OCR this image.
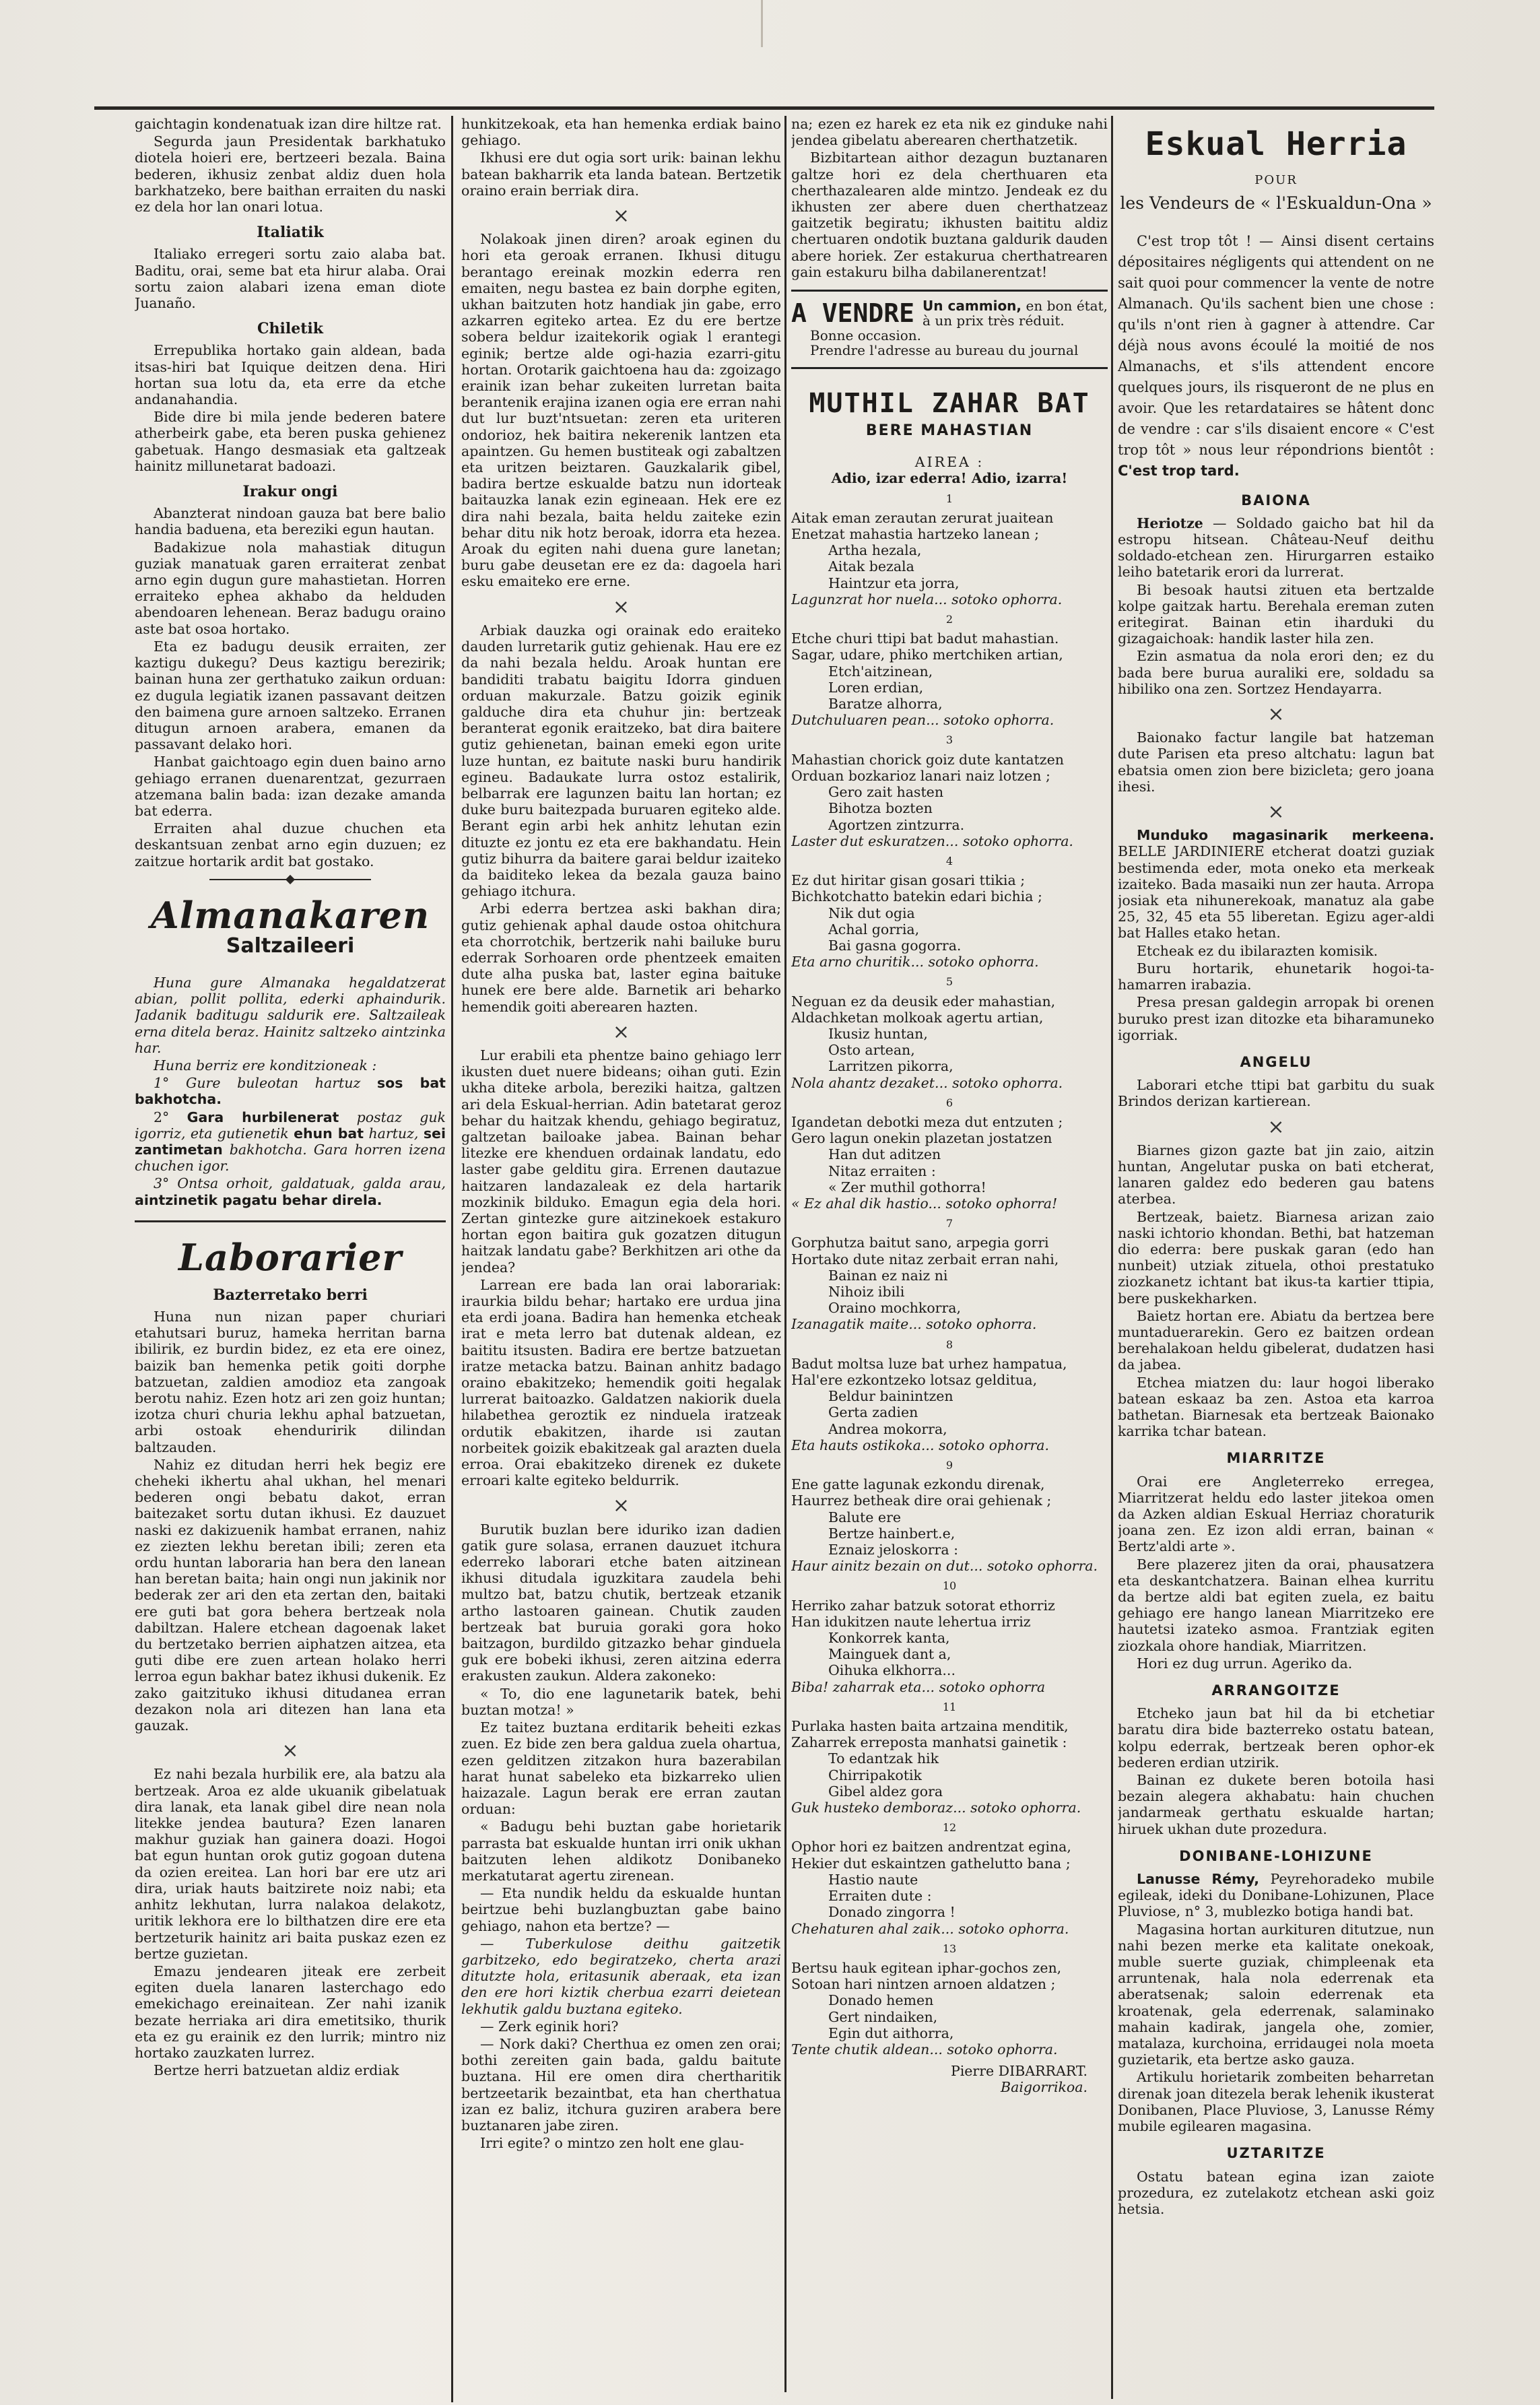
gaichtagin kondenatuak izan dire hiltze rat.

Segurda jaun Presidentak barkhatuko diotela hoieri ere, bertzeeri bezala. Baina bederen, ikhusiz zenbat aldiz duen hola barkhatzeko, bere baithan erraiten du naski ez dela hor lan onari lotua.

Italiatik

Italiako erregeri sortu zaio alaba bat. Baditu, orai, seme bat eta hirur alaba. Orai sortu zaion alabari izena eman diote Juanaño.

Chiletik

Errepublika hortako gain aldean, bada itsas-hiri bat Iquique deitzen dena. Hiri hortan sua lotu da, eta erre da etche andanahandia.

Bide dire bi mila jende bederen batere atherbeirk gabe, eta beren puska gehienez gabetuak. Hango desmasiak eta galtzeak hainitz millunetarat badoazi.

Irakur ongi

Abanzterat nindoan gauza bat bere balio handia baduena, eta bereziki egun hautan.

Badakizue nola mahastiak ditugun guziak manatuak garen erraiterat zenbat arno egin dugun gure mahastietan. Horren erraiteko ephea akhabo da helduden abendoaren lehenean. Beraz badugu oraino aste bat osoa hortako.

Eta ez badugu deusik erraiten, zer kaztigu dukegu? Deus kaztigu berezirik; bainan huna zer gerthatuko zaikun orduan: ez dugula legiatik izanen passavant deitzen den baimena gure arnoen saltzeko. Erranen ditugun arnoen arabera, emanen da passavant delako hori.

Hanbat gaichtoago egin duen baino arno gehiago erranen duenarentzat, gezurraen atzemana balin bada: izan dezake amanda bat ederra.

Erraiten ahal duzue chuchen eta deskantsuan zenbat arno egin duzuen; ez zaitzue hortarik ardit bat gostako.

Almanakaren
Saltzaileeri

Huna gure Almanaka hegaldatzerat abian, pollit pollita, ederki aphaindurik. Jadanik baditugu saldurik ere. Saltzaileak erna ditela beraz. Hainitz saltzeko aintzinka har.

Huna berriz ere konditzioneak :

1° Gure buleotan hartuz sos bat bakhotcha.

2° Gara hurbilenerat postaz guk igorriz, eta gutienetik ehun bat hartuz, sei zantimetan bakhotcha. Gara horren izena chuchen igor.

3° Ontsa orhoit, galdatuak, galda arau, aintzinetik pagatu behar direla.

Laborarier
Bazterretako berri

Huna nun nizan paper churiari etahutsari buruz, hameka herritan barna ibilirik, ez burdin bidez, ez eta ere oinez, baizik ban hemenka petik goiti dorphe batzuetan, zaldien amodioz eta zangoak berotu nahiz. Ezen hotz ari zen goiz huntan; izotza churi churia lekhu aphal batzuetan, arbi ostoak ehenduririk dilindan baltzauden.

Nahiz ez ditudan herri hek begiz ere cheheki ikhertu ahal ukhan, hel menari bederen ongi bebatu dakot, erran baitezaket sortu dutan ikhusi. Ez dauzuet naski ez dakizuenik hambat erranen, nahiz ez ziezten lekhu beretan ibili; zeren eta ordu huntan laboraria han bera den lanean han beretan baita; hain ongi nun jakinik nor bederak zer ari den eta zertan den, baitaki ere guti bat gora behera bertzeak nola dabiltzan. Halere etchean dagoenak laket du bertzetako berrien aiphatzen aitzea, eta guti dibe ere zuen artean holako herri lerroa egun bakhar batez ikhusi dukenik. Ez zako gaitzituko ikhusi ditudanea erran dezakon nola ari ditezen han lana eta gauzak.

×

Ez nahi bezala hurbilik ere, ala batzu ala bertzeak. Aroa ez alde ukuanik gibelatuak dira lanak, eta lanak gibel dire nean nola litekke jendea bautura? Ezen lanaren makhur guziak han gainera doazi. Hogoi bat egun huntan orok gutiz gogoan dutena da ozien ereitea. Lan hori bar ere utz ari dira, uriak hauts baitzirete noiz nabi; eta anhitz lekhutan, lurra nalakoa delakotz, uritik lekhora ere lo bilthatzen dire ere eta bertzeturik hainitz ari baita puskaz ezen ez bertze guzietan.

Emazu jendearen jiteak ere zerbeit egiten duela lanaren lasterchago edo emekichago ereinaitean. Zer nahi izanik bezate herriaka ari dira emetitsiko, thurik eta ez gu erainik ez den lurrik; mintro niz hortako zauzkaten lurrez.

Bertze herri batzuetan aldiz erdiak

hunkitzekoak, eta han hemenka erdiak baino gehiago.

Ikhusi ere dut ogia sort urik: bainan lekhu batean bakharrik eta landa batean. Bertzetik oraino erain berriak dira.

×

Nolakoak jinen diren? aroak eginen du hori eta geroak erranen. Ikhusi ditugu berantago ereinak mozkin ederra ren emaiten, negu bastea ez bain dorphe egiten, ukhan baitzuten hotz handiak jin gabe, erro azkarren egiteko artea. Ez du ere bertze sobera beldur izaitekorik ogiak l erantegi eginik; bertze alde ogi-hazia ezarri-gitu hortan. Orotarik gaichtoena hau da: zgoizago erainik izan behar zukeiten lurretan baita berantenik erajina izanen ogia ere erran nahi dut lur buzt'ntsuetan: zeren eta uriteren ondorioz, hek baitira nekerenik lantzen eta apaintzen. Gu hemen bustiteak ogi zabaltzen eta uritzen beiztaren. Gauzkalarik gibel, badira bertze eskualde batzu nun idorteak baitauzka lanak ezin egineaan. Hek ere ez dira nahi bezala, baita heldu zaiteke ezin behar ditu nik hotz beroak, idorra eta hezea. Aroak du egiten nahi duena gure lanetan; buru gabe deusetan ere ez da: dagoela hari esku emaiteko ere erne.

×

Arbiak dauzka ogi orainak edo eraiteko dauden lurretarik gutiz gehienak. Hau ere ez da nahi bezala heldu. Aroak huntan ere bandiditi trabatu baigitu Idorra ginduen orduan makurzale. Batzu goizik eginik galduche dira eta chuhur jin: bertzeak beranterat egonik eraitzeko, bat dira baitere gutiz gehienetan, bainan emeki egon urite luze huntan, ez baitute naski buru handirik egineu. Badaukate lurra ostoz estalirik, belbarrak ere lagunzen baitu lan hortan; ez duke buru baitezpada buruaren egiteko alde. Berant egin arbi hek anhitz lehutan ezin dituzte ez jontu ez eta ere bakhandatu. Hein gutiz bihurra da baitere garai beldur izaiteko da baiditeko lekea da bezala gauza baino gehiago itchura.

Arbi ederra bertzea aski bakhan dira; gutiz gehienak aphal daude ostoa ohitchura eta chorrotchik, bertzerik nahi bailuke buru ederrak Sorhoaren orde phentzeek emaiten dute alha puska bat, laster egina baituke hunek ere bere alde. Barnetik ari beharko hemendik goiti aberearen hazten.

×

Lur erabili eta phentze baino gehiago lerr ikusten duet nuere bideans; oihan guti. Ezin ukha diteke arbola, bereziki haitza, galtzen ari dela Eskual-herrian. Adin batetarat geroz behar du haitzak khendu, gehiago begiratuz, galtzetan bailoake jabea. Bainan behar litezke ere khenduen ordainak landatu, edo laster gabe gelditu gira. Errenen dautazue haitzaren landazaleak ez dela hartarik mozkinik bilduko. Emagun egia dela hori. Zertan gintezke gure aitzinekoek estakuro hortan egon baitira guk gozatzen ditugun haitzak landatu gabe? Berkhitzen ari othe da jendea?

Larrean ere bada lan orai laborariak: iraurkia bildu behar; hartako ere urdua jina eta erdi joana. Badira han hemenka etcheak irat e meta lerro bat dutenak aldean, ez baititu itsusten. Badira ere bertze batzuetan iratze metacka batzu. Bainan anhitz badago oraino ebakitzeko; hemendik goiti hegalak lurrerat baitoazko. Galdatzen nakiorik duela hilabethea geroztik ez ninduela iratzeak ordutik ebakitzen, iharde ısi zautan norbeitek goizik ebakitzeak gal arazten duela erroa. Orai ebakitzeko direnek ez dukete erroari kalte egiteko beldurrik.

×

Burutik buzlan bere iduriko izan dadien gatik gure solasa, erranen dauzuet itchura ederreko laborari etche baten aitzinean ikhusi ditudala iguzkitara zaudela behi multzo bat, batzu chutik, bertzeak etzanik artho lastoaren gainean. Chutik zauden bertzeak bat buruia goraki gora hoko baitzagon, burdildo gitzazko behar ginduela guk ere bobeki ikhusi, zeren aitzina ederra erakusten zaukun. Aldera zakoneko:

« To, dio ene lagunetarik batek, behi buztan motza! »

Ez taitez buztana erditarik beheiti ezkas zuen. Ez bide zen bera galdua zuela ohartua, ezen gelditzen zitzakon hura bazerabilan harat hunat sabeleko eta bizkarreko ulien haizazale. Lagun berak ere erran zautan orduan:

« Badugu behi buztan gabe horietarik parrasta bat eskualde huntan irri onik ukhan baitzuten lehen aldikotz Donibaneko merkatutarat agertu zirenean.

— Eta nundik heldu da eskualde huntan beirtzue behi buzlangbuztan gabe baino gehiago, nahon eta bertze? —

— Tuberkulose deithu gaitzetik garbitzeko, edo begiratzeko, cherta arazi ditutzte hola, eritasunik aberaak, eta izan den ere hori kiztik cherbua ezarri deietean lekhutik galdu buztana egiteko.

— Zerk eginik hori?

— Nork daki? Cherthua ez omen zen orai; bothi zereiten gain bada, galdu baitute buztana. Hil ere omen dira chertharitik bertzeetarik bezaintbat, eta han cherthatua izan ez baliz, itchura guziren arabera bere buztanaren jabe ziren.

Irri egite? o mintzo zen holt ene glau-

na; ezen ez harek ez eta nik ez ginduke nahi jendea gibelatu aberearen cherthatzetik.

Bizbitartean aithor dezagun buztanaren galtze hori ez dela cherthuaren eta cherthazalearen alde mintzo. Jendeak ez du ikhusten zer abere duen cherthatzeaz gaitzetik begiratu; ikhusten baititu aldiz chertuaren ondotik buztana galdurik dauden abere horiek. Zer estakurua cherthatrearen gain estakuru bilha dabilanerentzat!

A VENDRE Un cammion, en bon état, à un prix très réduit.
Bonne occasion.
Prendre l'adresse au bureau du journal
MUTHIL ZAHAR BAT
BERE MAHASTIAN
AIREA :
Adio, izar ederra! Adio, izarra!
1
Aitak eman zerautan zerurat juaitean
Enetzat mahastia hartzeko lanean ;
Artha hezala,
Aitak bezala
Haintzur eta jorra,
Lagunzrat hor nuela... sotoko ophorra.
2
Etche churi ttipi bat badut mahastian.
Sagar, udare, phiko mertchiken artian,
Etch'aitzinean,
Loren erdian,
Baratze alhorra,
Dutchuluaren pean... sotoko ophorra.
3
Mahastian chorick goiz dute kantatzen
Orduan bozkarioz lanari naiz lotzen ;
Gero zait hasten
Bihotza bozten
Agortzen zintzurra.
Laster dut eskuratzen... sotoko ophorra.
4
Ez dut hiritar gisan gosari ttikia ;
Bichkotchatto batekin edari bichia ;
Nik dut ogia
Achal gorria,
Bai gasna gogorra.
Eta arno churitik... sotoko ophorra.
5
Neguan ez da deusik eder mahastian,
Aldachketan molkoak agertu artian,
Ikusiz huntan,
Osto artean,
Larritzen pikorra,
Nola ahantz dezaket... sotoko ophorra.
6
Igandetan debotki meza dut entzuten ;
Gero lagun onekin plazetan jostatzen
Han dut aditzen
Nitaz erraiten :
« Zer muthil gothorra!
« Ez ahal dik hastio... sotoko ophorra!
7
Gorphutza baitut sano, arpegia gorri
Hortako dute nitaz zerbait erran nahi,
Bainan ez naiz ni
Nihoiz ibili
Oraino mochkorra,
Izanagatik maite... sotoko ophorra.
8
Badut moltsa luze bat urhez hampatua,
Hal'ere ezkontzeko lotsaz gelditua,
Beldur bainintzen
Gerta zadien
Andrea mokorra,
Eta hauts ostikoka... sotoko ophorra.
9
Ene gatte lagunak ezkondu direnak,
Haurrez betheak dire orai gehienak ;
Balute ere
Bertze hainbert.e,
Eznaiz jeloskorra :
Haur ainitz bezain on dut... sotoko ophorra.
10
Herriko zahar batzuk sotorat ethorriz
Han idukitzen naute lehertua irriz
Konkorrek kanta,
Mainguek dant a,
Oihuka elkhorra...
Biba! zaharrak eta... sotoko ophorra
11
Purlaka hasten baita artzaina menditik,
Zaharrek erreposta manhatsi gainetik :
To edantzak hik
Chirripakotik
Gibel aldez gora
Guk husteko demboraz... sotoko ophorra.
12
Ophor hori ez baitzen andrentzat egina,
Hekier dut eskaintzen gathelutto bana ;
Hastio naute
Erraiten dute :
Donado zingorra !
Chehaturen ahal zaik... sotoko ophorra.
13
Bertsu hauk egitean iphar-gochos zen,
Sotoan hari nintzen arnoen aldatzen ;
Donado hemen
Gert nindaiken,
Egin dut aithorra,
Tente chutik aldean... sotoko ophorra.
Pierre DIBARRART.
Baigorrikoa.
Eskual Herria
POUR
les Vendeurs de « l'Eskualdun-Ona »

C'est trop tôt ! — Ainsi disent certains dépositaires négligents qui attendent on ne sait quoi pour commencer la vente de notre Almanach. Qu'ils sachent bien une chose : qu'ils n'ont rien à gagner à attendre. Car déjà nous avons écoulé la moitié de nos Almanachs, et s'ils attendent encore quelques jours, ils risqueront de ne plus en avoir. Que les retardataires se hâtent donc de vendre : car s'ils disaient encore « C'est trop tôt » nous leur répondrions bientôt : C'est trop tard.

BAIONA

Heriotze — Soldado gaicho bat hil da estropu hitsean. Château-Neuf deithu soldado-etchean zen. Hirurgarren estaiko leiho batetarik erori da lurrerat.

Bi besoak hautsi zituen eta bertzalde kolpe gaitzak hartu. Berehala ereman zuten eritegirat. Bainan etin iharduki du gizagaichoak: handik laster hila zen.

Ezin asmatua da nola erori den; ez du bada bere burua auraliki ere, soldadu sa hibiliko ona zen. Sortzez Hendayarra.

×

Baionako factur langile bat hatzeman dute Parisen eta preso altchatu: lagun bat ebatsia omen zion bere bizicleta; gero joana ihesi.

×

Munduko magasinarik merkeena. BELLE JARDINIERE etcherat doatzi guziak bestimenda eder, mota oneko eta merkeak izaiteko. Bada masaiki nun zer hauta. Arropa josiak eta nihunerekoak, manatuz ala gabe 25, 32, 45 eta 55 liberetan. Egizu ager-aldi bat Halles etako hetan.

Etcheak ez du ibilarazten komisik.

Buru hortarik, ehunetarik hogoi-ta-hamarren irabazia.

Presa presan galdegin arropak bi orenen buruko prest izan ditozke eta biharamuneko igorriak.

ANGELU

Laborari etche ttipi bat garbitu du suak Brindos derizan kartierean.

×

Biarnes gizon gazte bat jin zaio, aitzin huntan, Angelutar puska on bati etcherat, lanaren galdez edo bederen gau batens aterbea.

Bertzeak, baietz. Biarnesa arizan zaio naski ichtorio khondan. Bethi, bat hatzeman dio ederra: bere puskak garan (edo han nunbeit) utziak zituela, othoi prestatuko ziozkanetz ichtant bat ikus-ta kartier ttipia, bere puskekharken.

Baietz hortan ere. Abiatu da bertzea bere muntaduerarekin. Gero ez baitzen ordean berehalakoan heldu gibelerat, dudatzen hasi da jabea.

Etchea miatzen du: laur hogoi liberako batean eskaaz ba zen. Astoa eta karroa bathetan. Biarnesak eta bertzeak Baionako karrika tchar batean.

MIARRITZE

Orai ere Angleterreko erregea, Miarritzerat heldu edo laster jitekoa omen da Azken aldian Eskual Herriaz choraturik joana zen. Ez izon aldi erran, bainan « Bertz'aldi arte ».

Bere plazerez jiten da orai, phausatzera eta deskantchatzera. Bainan elhea kurritu da bertze aldi bat egiten zuela, ez baitu gehiago ere hango lanean Miarritzeko ere hautetsi izateko asmoa. Frantziak egiten ziozkala ohore handiak, Miarritzen.

Hori ez dug urrun. Ageriko da.

ARRANGOITZE

Etcheko jaun bat hil da bi etchetiar baratu dira bide bazterreko ostatu batean, kolpu ederrak, bertzeak beren ophor-ek bederen erdian utzirik.

Bainan ez dukete beren botoila hasi bezain alegera akhabatu: hain chuchen jandarmeak gerthatu eskualde hartan; hiruek ukhan dute prozedura.

DONIBANE-LOHIZUNE

Lanusse Rémy, Peyrehoradeko mubile egileak, ideki du Donibane-Lohizunen, Place Pluviose, n° 3, mublezko botiga handi bat.

Magasina hortan aurkituren ditutzue, nun nahi bezen merke eta kalitate onekoak, muble suerte guziak, chimpleenak eta arruntenak, hala nola ederrenak eta aberatsenak; saloin ederrenak eta kroatenak, gela ederrenak, salaminako mahain kadirak, jangela ohe, zomier, matalaza, kurchoina, erridaugei nola moeta guzietarik, eta bertze asko gauza.

Artikulu horietarik zombeiten beharretan direnak joan ditezela berak lehenik ikusterat Donibanen, Place Pluviose, 3, Lanusse Rémy mubile egilearen magasina.

UZTARITZE

Ostatu batean egina izan zaiote prozedura, ez zutelakotz etchean aski goiz hetsia.
